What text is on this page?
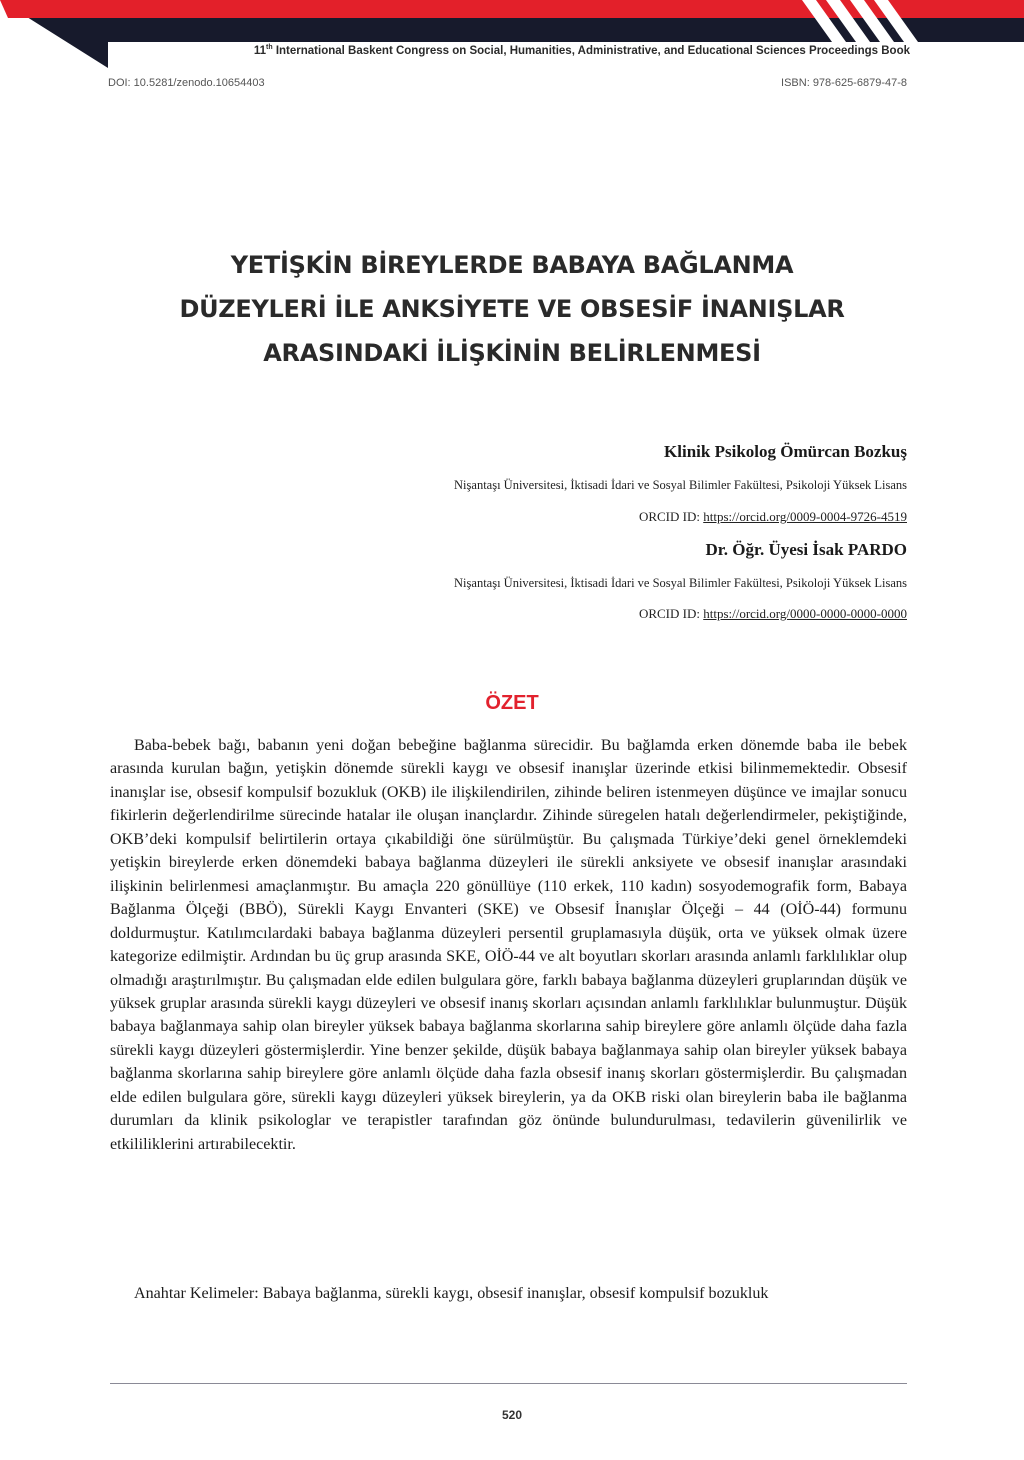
11th International Baskent Congress on Social, Humanities, Administrative, and Educational Sciences Proceedings Book
DOI: 10.5281/zenodo.10654403	ISBN: 978-625-6879-47-8
YETİŞKİN BİREYLERDE BABAYA BAĞLANMA
DÜZEYLERİ İLE ANKSİYETE VE OBSESİF İNANIŞLAR
ARASINDAKİ İLİŞKİNİN BELİRLENMESİ
Klinik Psikolog Ömürcan Bozkuş
Nişantaşı Üniversitesi, İktisadi İdari ve Sosyal Bilimler Fakültesi, Psikoloji Yüksek Lisans
ORCID ID: https://orcid.org/0009-0004-9726-4519
Dr. Öğr. Üyesi İsak PARDO
Nişantaşı Üniversitesi, İktisadi İdari ve Sosyal Bilimler Fakültesi, Psikoloji Yüksek Lisans
ORCID ID: https://orcid.org/0000-0000-0000-0000
ÖZET

Baba-bebek bağı, babanın yeni doğan bebeğine bağlanma sürecidir. Bu bağlamda erken dönemde baba ile bebek arasında kurulan bağın, yetişkin dönemde sürekli kaygı ve obsesif inanışlar üzerinde etkisi bilinmemektedir. Obsesif inanışlar ise, obsesif kompulsif bozukluk (OKB) ile ilişkilendirilen, zihinde beliren istenmeyen düşünce ve imajlar sonucu fikirlerin değerlendirilme sürecinde hatalar ile oluşan inançlardır. Zihinde süregelen hatalı değerlendirmeler, pekiştiğinde, OKB’deki kompulsif belirtilerin ortaya çıkabildiği öne sürülmüştür. Bu çalışmada Türkiye’deki genel örneklemdeki yetişkin bireylerde erken dönemdeki babaya bağlanma düzeyleri ile sürekli anksiyete ve obsesif inanışlar arasındaki ilişkinin belirlenmesi amaçlanmıştır. Bu amaçla 220 gönüllüye (110 erkek, 110 kadın) sosyodemografik form, Babaya Bağlanma Ölçeği (BBÖ), Sürekli Kaygı Envanteri (SKE) ve Obsesif İnanışlar Ölçeği – 44 (OİÖ-44) formunu doldurmuştur. Katılımcılardaki babaya bağlanma düzeyleri persentil gruplamasıyla düşük, orta ve yüksek olmak üzere kategorize edilmiştir. Ardından bu üç grup arasında SKE, OİÖ-44 ve alt boyutları skorları arasında anlamlı farklılıklar olup olmadığı araştırılmıştır. Bu çalışmadan elde edilen bulgulara göre, farklı babaya bağlanma düzeyleri gruplarından düşük ve yüksek gruplar arasında sürekli kaygı düzeyleri ve obsesif inanış skorları açısından anlamlı farklılıklar bulunmuştur. Düşük babaya bağlanmaya sahip olan bireyler yüksek babaya bağlanma skorlarına sahip bireylere göre anlamlı ölçüde daha fazla sürekli kaygı düzeyleri göstermişlerdir. Yine benzer şekilde, düşük babaya bağlanmaya sahip olan bireyler yüksek babaya bağlanma skorlarına sahip bireylere göre anlamlı ölçüde daha fazla obsesif inanış skorları göstermişlerdir. Bu çalışmadan elde edilen bulgulara göre, sürekli kaygı düzeyleri yüksek bireylerin, ya da OKB riski olan bireylerin baba ile bağlanma durumları da klinik psikologlar ve terapistler tarafından göz önünde bulundurulması, tedavilerin güvenilirlik ve etkililiklerini artırabilecektir.

Anahtar Kelimeler: Babaya bağlanma, sürekli kaygı, obsesif inanışlar, obsesif kompulsif bozukluk

520
